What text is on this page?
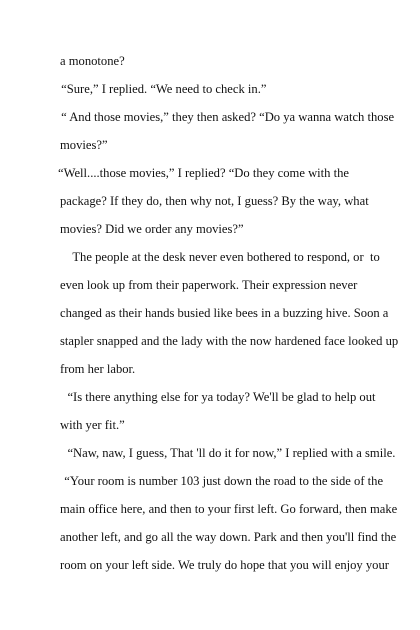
a monotone?
“Sure,” I replied. “We need to check in.”
“ And those movies,” they then asked? “Do ya wanna watch those
movies?”
“Well....those movies,” I replied? “Do they come with the
package? If they do, then why not, I guess? By the way, what
movies? Did we order any movies?”
The people at the desk never even bothered to respond, or  to
even look up from their paperwork. Their expression never
changed as their hands busied like bees in a buzzing hive. Soon a
stapler snapped and the lady with the now hardened face looked up
from her labor.
“Is there anything else for ya today? We'll be glad to help out
with yer fit.”
“Naw, naw, I guess, That 'll do it for now,” I replied with a smile.
“Your room is number 103 just down the road to the side of the
main office here, and then to your first left. Go forward, then make
another left, and go all the way down. Park and then you'll find the
room on your left side. We truly do hope that you will enjoy your
